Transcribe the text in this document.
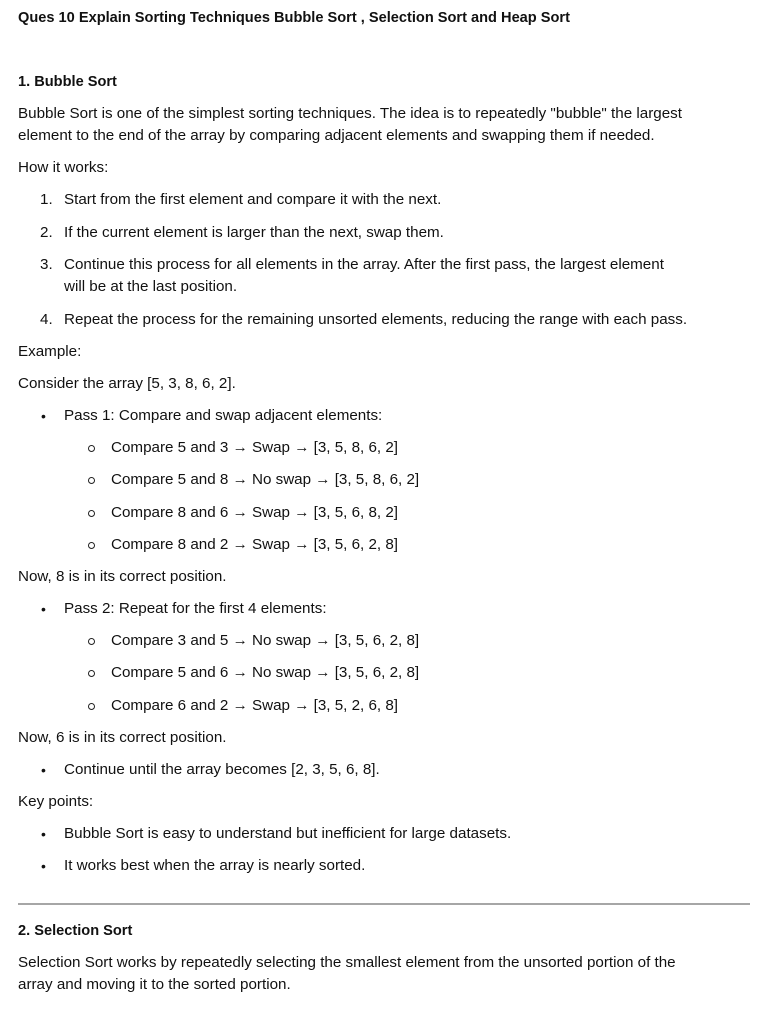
Ques 10 Explain Sorting Techniques Bubble Sort , Selection Sort and Heap Sort
1. Bubble Sort
Bubble Sort is one of the simplest sorting techniques. The idea is to repeatedly "bubble" the largest
element to the end of the array by comparing adjacent elements and swapping them if needed.
How it works:
1. Start from the first element and compare it with the next.
2. If the current element is larger than the next, swap them.
3. Continue this process for all elements in the array. After the first pass, the largest element
will be at the last position.
4. Repeat the process for the remaining unsorted elements, reducing the range with each pass.
Example:
Consider the array [5, 3, 8, 6, 2].
• Pass 1: Compare and swap adjacent elements:
Compare 5 and 3 → Swap → [3, 5, 8, 6, 2]
Compare 5 and 8 → No swap → [3, 5, 8, 6, 2]
Compare 8 and 6 → Swap → [3, 5, 6, 8, 2]
Compare 8 and 2 → Swap → [3, 5, 6, 2, 8]
Now, 8 is in its correct position.
• Pass 2: Repeat for the first 4 elements:
Compare 3 and 5 → No swap → [3, 5, 6, 2, 8]
Compare 5 and 6 → No swap → [3, 5, 6, 2, 8]
Compare 6 and 2 → Swap → [3, 5, 2, 6, 8]
Now, 6 is in its correct position.
• Continue until the array becomes [2, 3, 5, 6, 8].
Key points:
• Bubble Sort is easy to understand but inefficient for large datasets.
• It works best when the array is nearly sorted.
2. Selection Sort
Selection Sort works by repeatedly selecting the smallest element from the unsorted portion of the
array and moving it to the sorted portion.
